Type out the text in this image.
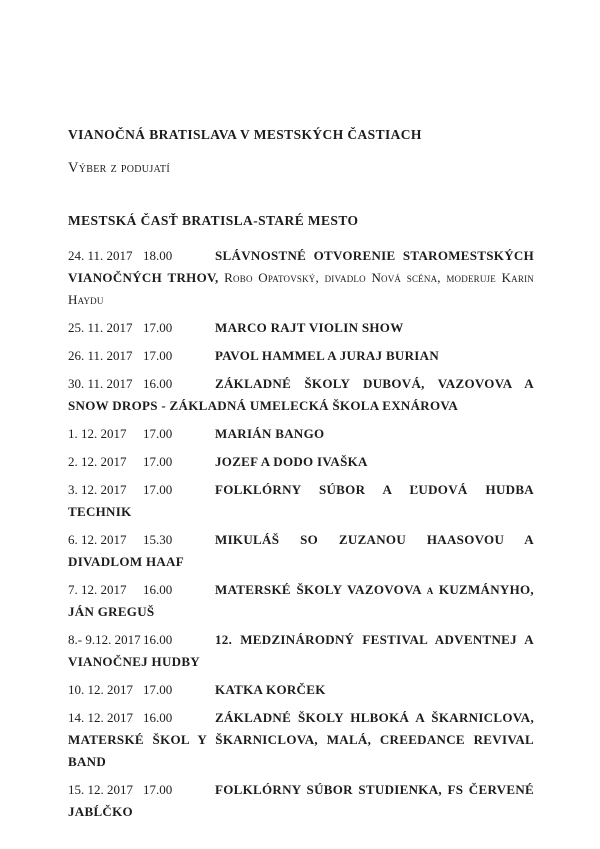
VIANOČNÁ BRATISLAVA V MESTSKÝCH ČASTIACH
Výber z podujatí
MESTSKÁ ČASŤ BRATISLA-STARÉ MESTO

24. 11. 2017 18.00	SLÁVNOSTNÉ OTVORENIE STAROMESTSKÝCH VIANOČNÝCH TRHOV, Robo Opatovský, divadlo Nová scéna, moderuje Karin Haydu

25. 11. 2017 17.00	MARCO RAJT VIOLIN SHOW

26. 11. 2017 17.00	PAVOL HAMMEL A JURAJ BURIAN

30. 11. 2017 16.00	ZÁKLADNÉ ŠKOLY DUBOVÁ, VAZOVOVA A SNOW DROPS - ZÁKLADNÁ UMELECKÁ ŠKOLA EXNÁROVA

1. 12. 2017 17.00	MARIÁN BANGO

2. 12. 2017 17.00	JOZEF A DODO IVAŠKA

3. 12. 2017 17.00	FOLKLÓRNY SÚBOR A ĽUDOVÁ HUDBA TECHNIK

6. 12. 2017 15.30	MIKULÁŠ SO ZUZANOU HAASOVOU A DIVADLOM HAAF

7. 12. 2017 16.00	MATERSKÉ ŠKOLY VAZOVOVA a KUZMÁNYHO, JÁN GREGUŠ

8.- 9.12. 2017 16.00	12. MEDZINÁRODNÝ FESTIVAL ADVENTNEJ A VIANOČNEJ HUDBY

10. 12. 2017 17.00	KATKA KORČEK

14. 12. 2017 16.00	ZÁKLADNÉ ŠKOLY HLBOKÁ A ŠKARNICLOVA, MATERSKÉ ŠKOL Y ŠKARNICLOVA, MALÁ, CREEDANCE REVIVAL BAND

15. 12. 2017 17.00	FOLKLÓRNY SÚBOR STUDIENKA, FS ČERVENÉ JABĹČKO
